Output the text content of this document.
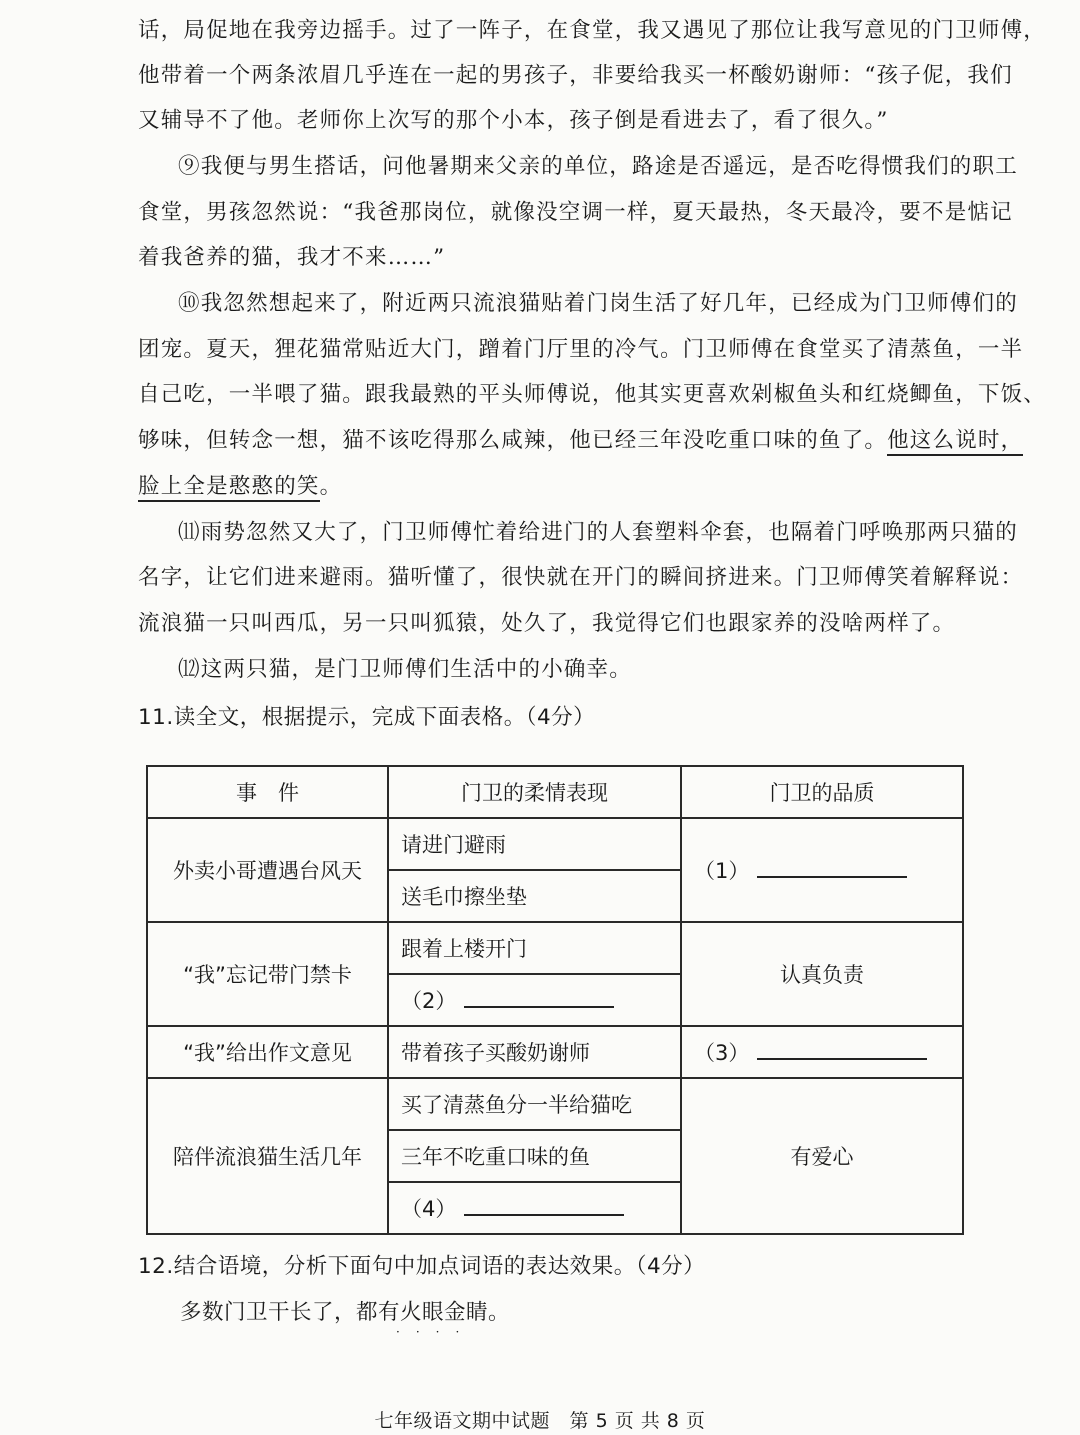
话，局促地在我旁边摇手。过了一阵子，在食堂，我又遇见了那位让我写意见的门卫师傅，
他带着一个两条浓眉几乎连在一起的男孩子，非要给我买一杯酸奶谢师：“孩子伲，我们
又辅导不了他。老师你上次写的那个小本，孩子倒是看进去了，看了很久。”
⑨我便与男生搭话，问他暑期来父亲的单位，路途是否遥远，是否吃得惯我们的职工
食堂，男孩忽然说：“我爸那岗位，就像没空调一样，夏天最热，冬天最冷，要不是惦记
着我爸养的猫，我才不来……”
⑩我忽然想起来了，附近两只流浪猫贴着门岗生活了好几年，已经成为门卫师傅们的
团宠。夏天，狸花猫常贴近大门，蹭着门厅里的冷气。门卫师傅在食堂买了清蒸鱼，一半
自己吃，一半喂了猫。跟我最熟的平头师傅说，他其实更喜欢剁椒鱼头和红烧鲫鱼，下饭、
够味，但转念一想，猫不该吃得那么咸辣，他已经三年没吃重口味的鱼了。他这么说时，
脸上全是憨憨的笑。
⑾雨势忽然又大了，门卫师傅忙着给进门的人套塑料伞套，也隔着门呼唤那两只猫的
名字，让它们进来避雨。猫听懂了，很快就在开门的瞬间挤进来。门卫师傅笑着解释说：
流浪猫一只叫西瓜，另一只叫狐猿，处久了，我觉得它们也跟家养的没啥两样了。
⑿这两只猫，是门卫师傅们生活中的小确幸。
11.读全文，根据提示，完成下面表格。（4分）
事　件	门卫的柔情表现	门卫的品质
外卖小哥遭遇台风天	请进门避雨	（1）
	送毛巾擦坐垫	
“我”忘记带门禁卡	跟着上楼开门	认真负责
	（2）	
“我”给出作文意见	带着孩子买酸奶谢师	（3）
陪伴流浪猫生活几年	买了清蒸鱼分一半给猫吃	有爱心
	三年不吃重口味的鱼	
	（4）	
12.结合语境，分析下面句中加点词语的表达效果。（4分）
多数门卫干长了，都有火眼金睛。
····
七年级语文期中试题　第 5 页 共 8 页
